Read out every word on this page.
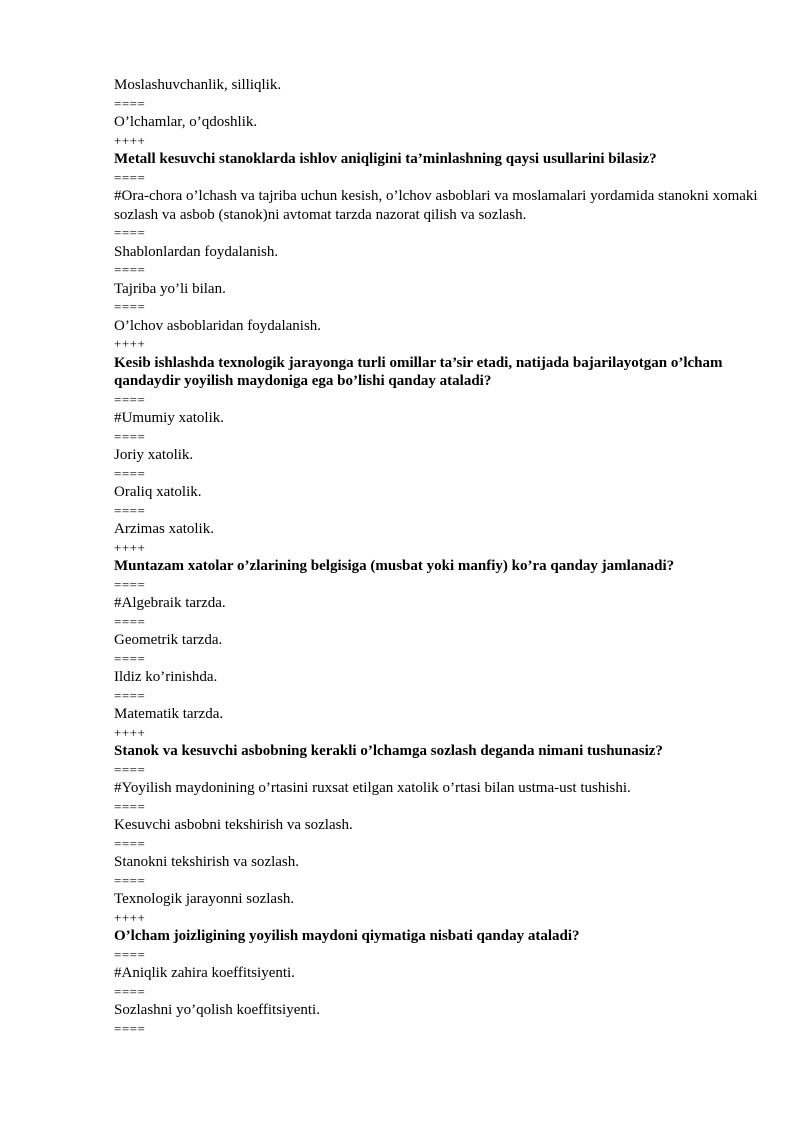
Moslashuvchanlik, silliqlik.
====
O’lchamlar, o’qdoshlik.
++++
Metall kesuvchi stanoklarda ishlov aniqligini ta’minlashning qaysi usullarini bilasiz?
====
#Ora-chora o’lchash va tajriba uchun kesish, o’lchov asboblari va moslamalari yordamida stanokni xomaki sozlash va asbob (stanok)ni avtomat tarzda nazorat qilish va sozlash.
====
Shablonlardan foydalanish.
====
Tajriba yo’li bilan.
====
O’lchov asboblaridan foydalanish.
++++
Kesib ishlashda texnologik jarayonga turli omillar ta’sir etadi, natijada bajarilayotgan o’lcham qandaydir yoyilish maydoniga ega bo’lishi qanday ataladi?
====
#Umumiy xatolik.
====
Joriy xatolik.
====
Oraliq xatolik.
====
Arzimas xatolik.
++++
Muntazam xatolar o’zlarining belgisiga (musbat yoki manfiy) ko’ra qanday jamlanadi?
====
#Algebraik tarzda.
====
Geometrik tarzda.
====
Ildiz ko’rinishda.
====
Matematik tarzda.
++++
Stanok va kesuvchi asbobning kerakli o’lchamga sozlash deganda nimani tushunasiz?
====
#Yoyilish maydonining o’rtasini ruxsat etilgan xatolik o’rtasi bilan ustma-ust tushishi.
====
Kesuvchi asbobni tekshirish va sozlash.
====
Stanokni tekshirish va sozlash.
====
Texnologik jarayonni sozlash.
++++
O’lcham joizligining yoyilish maydoni qiymatiga nisbati qanday ataladi?
====
#Aniqlik zahira koeffitsiyenti.
====
Sozlashni yo’qolish koeffitsiyenti.
====
